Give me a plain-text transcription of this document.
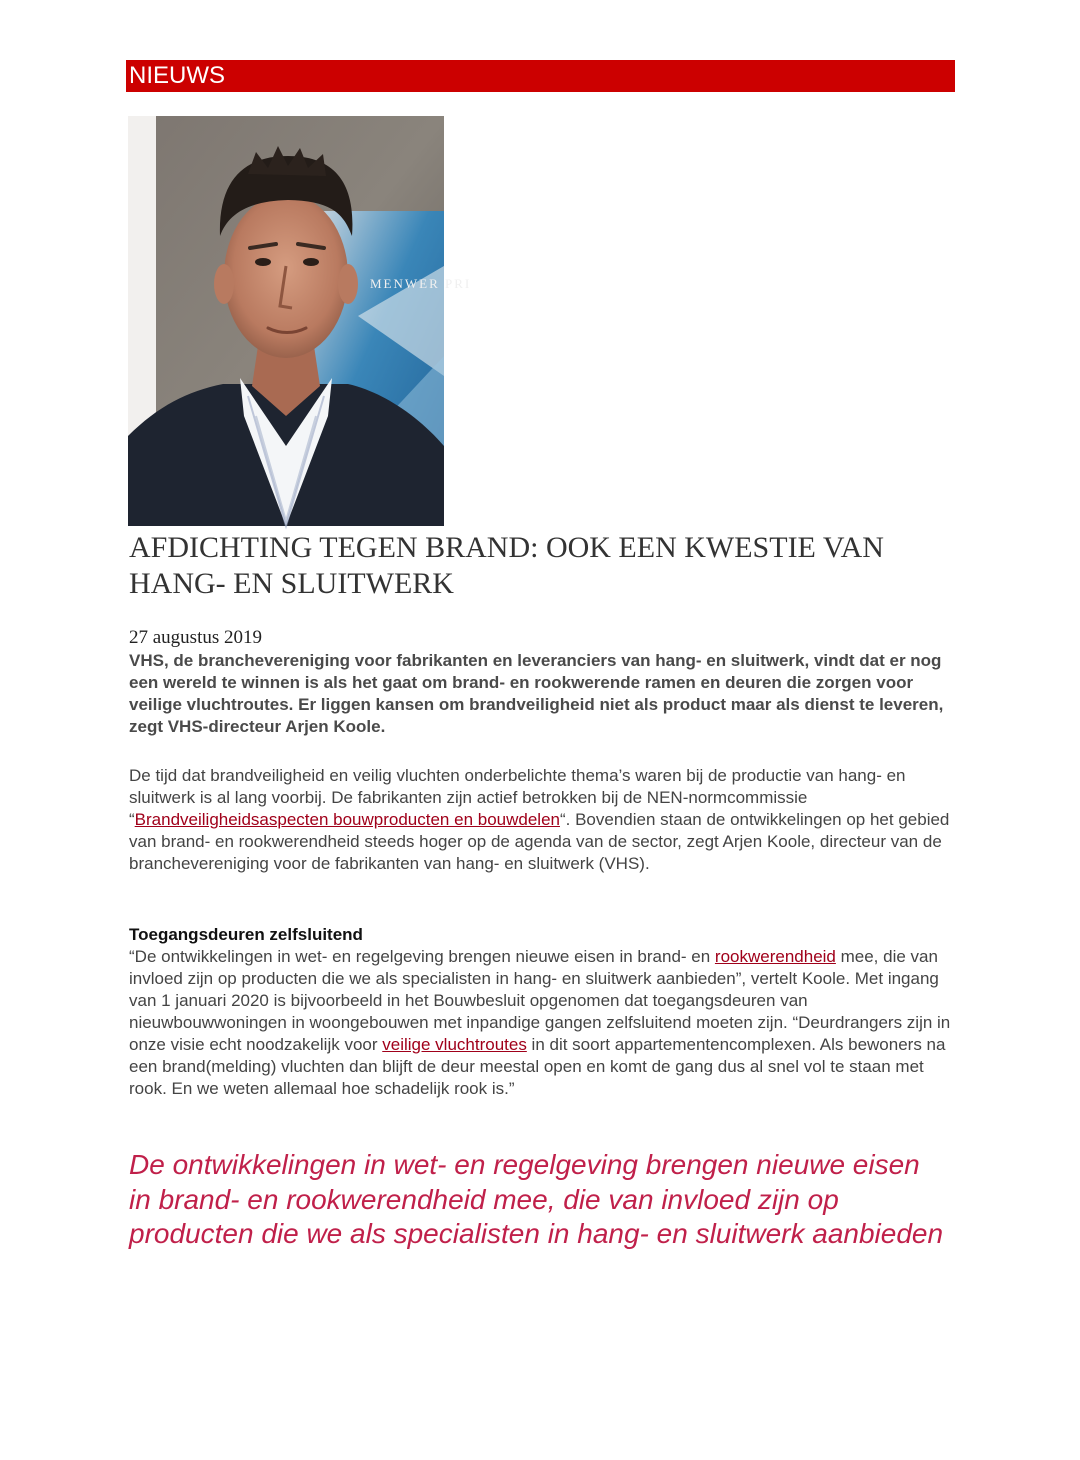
NIEUWS
MENWER PRI
AFDICHTING TEGEN BRAND: OOK EEN KWESTIE VAN HANG- EN SLUITWERK
27 augustus 2019

VHS, de branchevereniging voor fabrikanten en leveranciers van hang- en sluitwerk, vindt dat er nog een wereld te winnen is als het gaat om brand- en rookwerende ramen en deuren die zorgen voor veilige vluchtroutes. Er liggen kansen om brandveiligheid niet als product maar als dienst te leveren, zegt VHS-directeur Arjen Koole.

De tijd dat brandveiligheid en veilig vluchten onderbelichte thema’s waren bij de productie van hang- en sluitwerk is al lang voorbij. De fabrikanten zijn actief betrokken bij de NEN-normcommissie “Brandveiligheidsaspecten bouwproducten en bouwdelen“. Bovendien staan de ontwikkelingen op het gebied van brand- en rookwerendheid steeds hoger op de agenda van de sector, zegt Arjen Koole, directeur van de branchevereniging voor de fabrikanten van hang- en sluitwerk (VHS).

Toegangsdeuren zelfsluitend

“De ontwikkelingen in wet- en regelgeving brengen nieuwe eisen in brand- en rookwerendheid mee, die van invloed zijn op producten die we als specialisten in hang- en sluitwerk aanbieden”, vertelt Koole. Met ingang van 1 januari 2020 is bijvoorbeeld in het Bouwbesluit opgenomen dat toegangsdeuren van nieuwbouwwoningen in woongebouwen met inpandige gangen zelfsluitend moeten zijn. “Deurdrangers zijn in onze visie echt noodzakelijk voor veilige vluchtroutes in dit soort appartementencomplexen. Als bewoners na een brand(melding) vluchten dan blijft de deur meestal open en komt de gang dus al snel vol te staan met rook. En we weten allemaal hoe schadelijk rook is.”

De ontwikkelingen in wet- en regelgeving brengen nieuwe eisen in brand- en rookwerendheid mee, die van invloed zijn op producten die we als specialisten in hang- en sluitwerk aanbieden
